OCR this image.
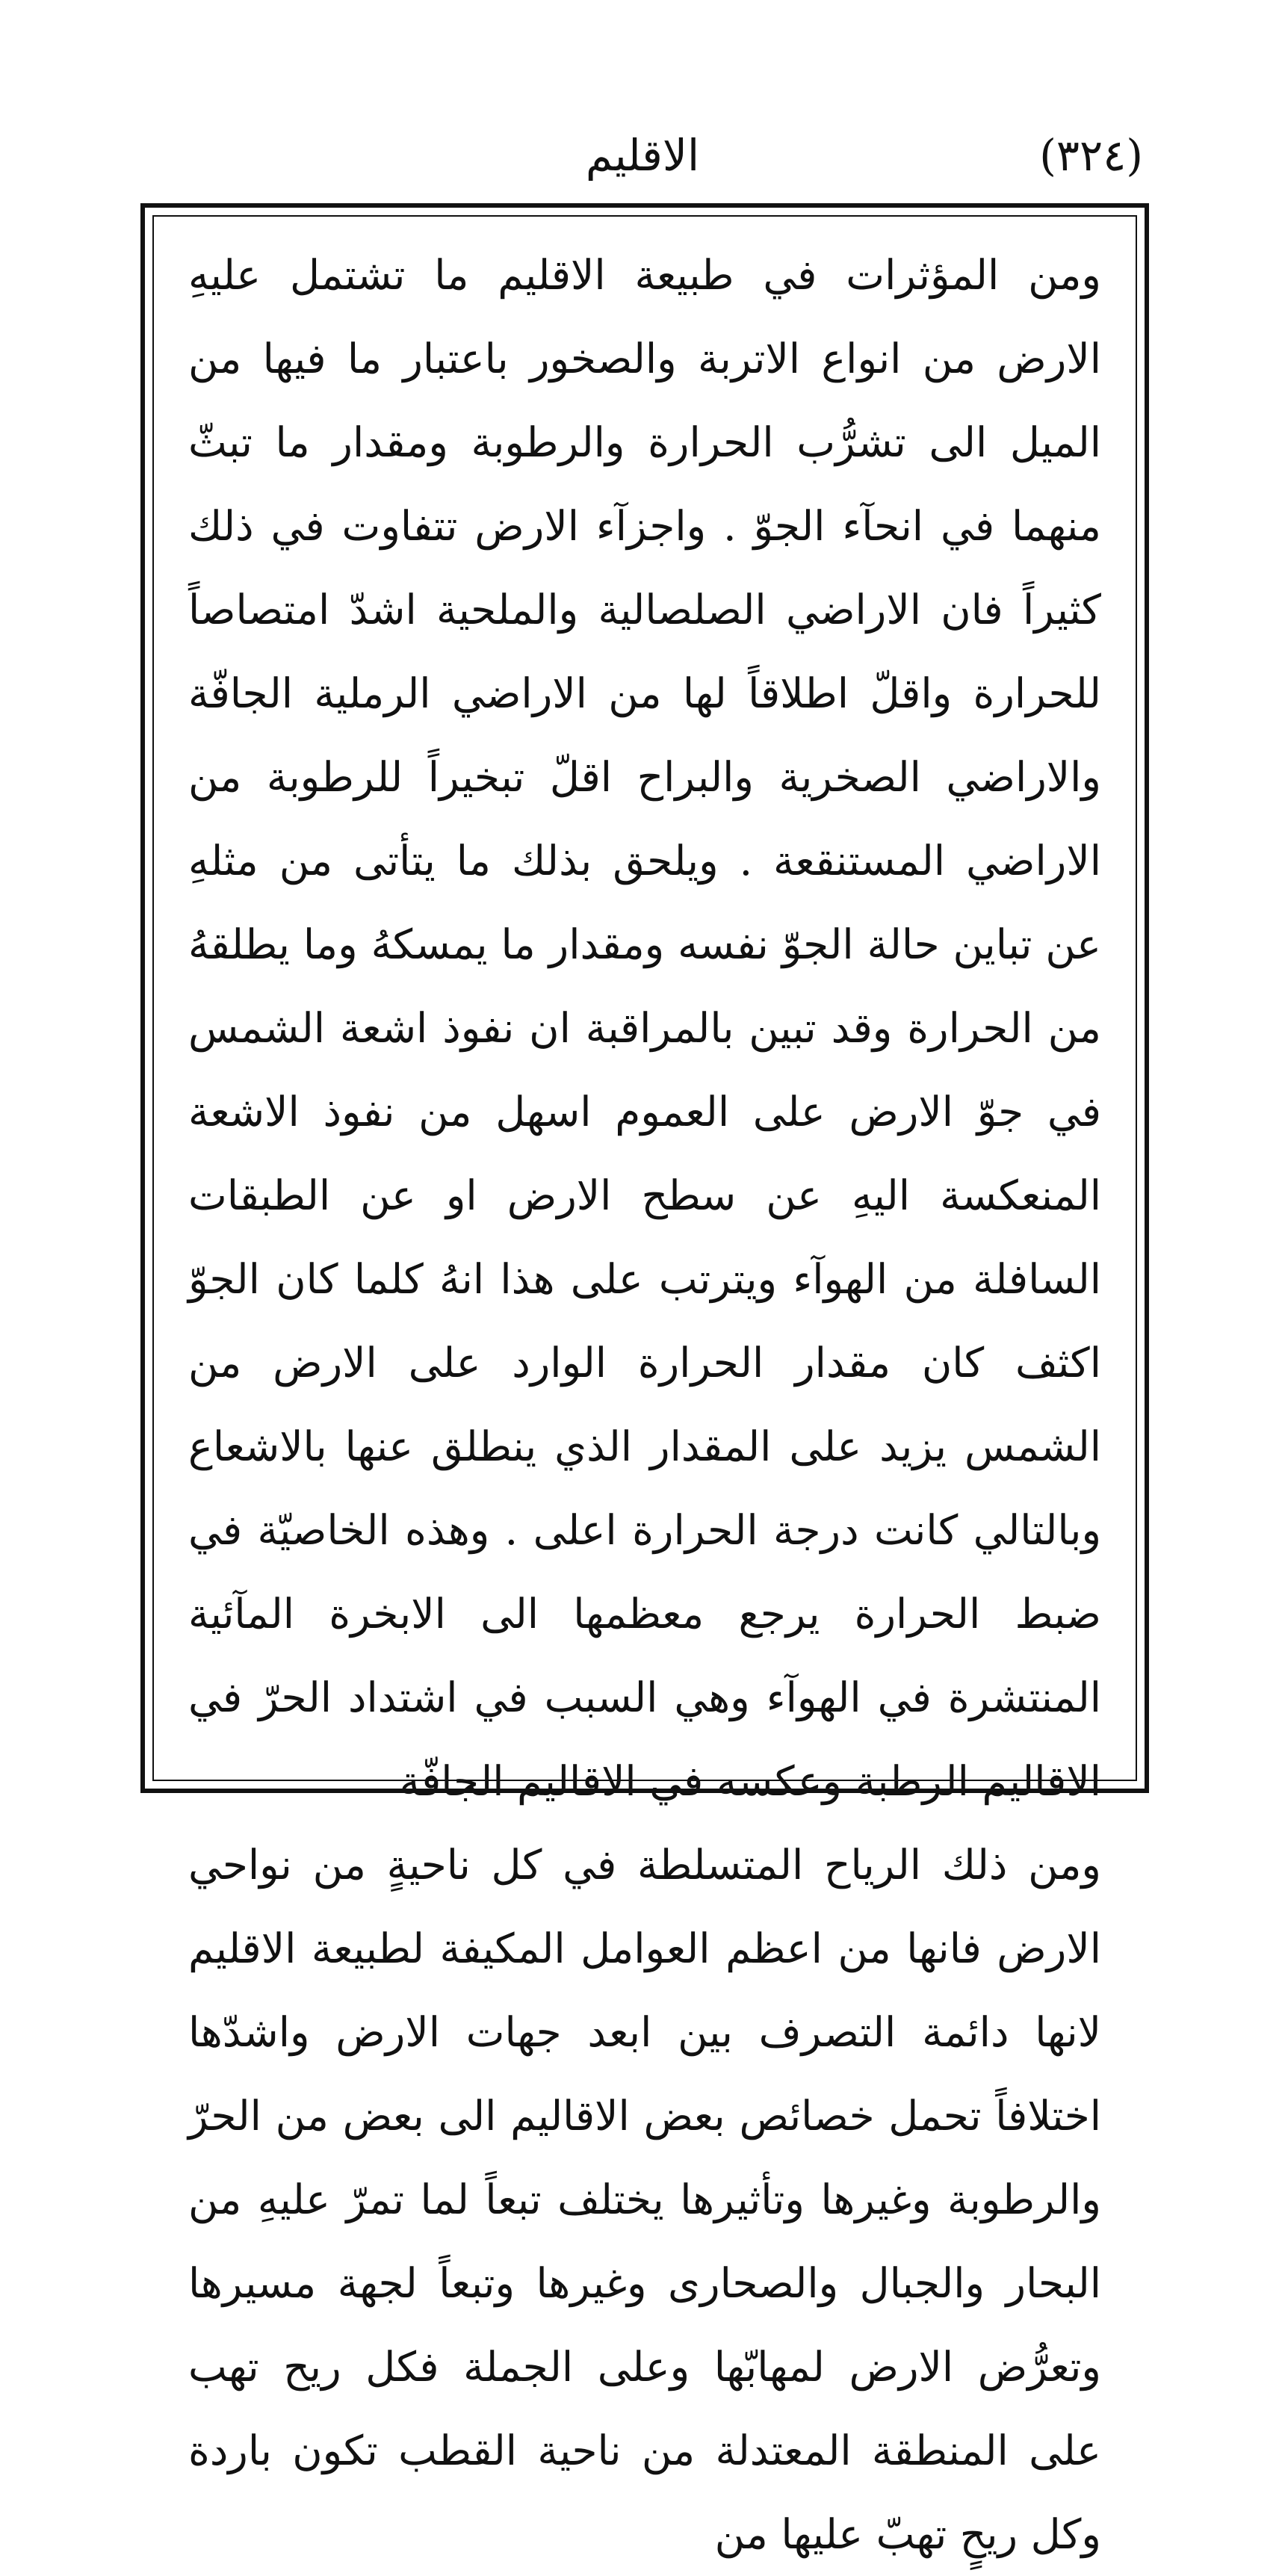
(٣٢٤)
الاقليم

ومن المؤثرات في طبيعة الاقليم ما تشتمل عليهِ الارض من انواع الاتربة والصخور باعتبار ما فيها من الميل الى تشرُّب الحرارة والرطوبة ومقدار ما تبثّ منهما في انحآء الجوّ . واجزآء الارض تتفاوت في ذلك كثيراً فان الاراضي الصلصالية والملحية اشدّ امتصاصاً للحرارة واقلّ اطلاقاً لها من الاراضي الرملية الجافّة والاراضي الصخرية والبراح اقلّ تبخيراً للرطوبة من الاراضي المستنقعة . ويلحق بذلك ما يتأتى من مثلهِ عن تباين حالة الجوّ نفسه ومقدار ما يمسكهُ وما يطلقهُ من الحرارة وقد تبين بالمراقبة ان نفوذ اشعة الشمس في جوّ الارض على العموم اسهل من نفوذ الاشعة المنعكسة اليهِ عن سطح الارض او عن الطبقات السافلة من الهوآء ويترتب على هذا انهُ كلما كان الجوّ اكثف كان مقدار الحرارة الوارد على الارض من الشمس يزيد على المقدار الذي ينطلق عنها بالاشعاع وبالتالي كانت درجة الحرارة اعلى . وهذه الخاصيّة في ضبط الحرارة يرجع معظمها الى الابخرة المآئية المنتشرة في الهوآء وهي السبب في اشتداد الحرّ في الاقاليم الرطبة وعكسه في الاقاليم الجافّة

ومن ذلك الرياح المتسلطة في كل ناحيةٍ من نواحي الارض فانها من اعظم العوامل المكيفة لطبيعة الاقليم لانها دائمة التصرف بين ابعد جهات الارض واشدّها اختلافاً تحمل خصائص بعض الاقاليم الى بعض من الحرّ والرطوبة وغيرها وتأثيرها يختلف تبعاً لما تمرّ عليهِ من البحار والجبال والصحارى وغيرها وتبعاً لجهة مسيرها وتعرُّض الارض لمهابّها وعلى الجملة فكل ريح تهب على المنطقة المعتدلة من ناحية القطب تكون باردة وكل ريحٍ تهبّ عليها من
